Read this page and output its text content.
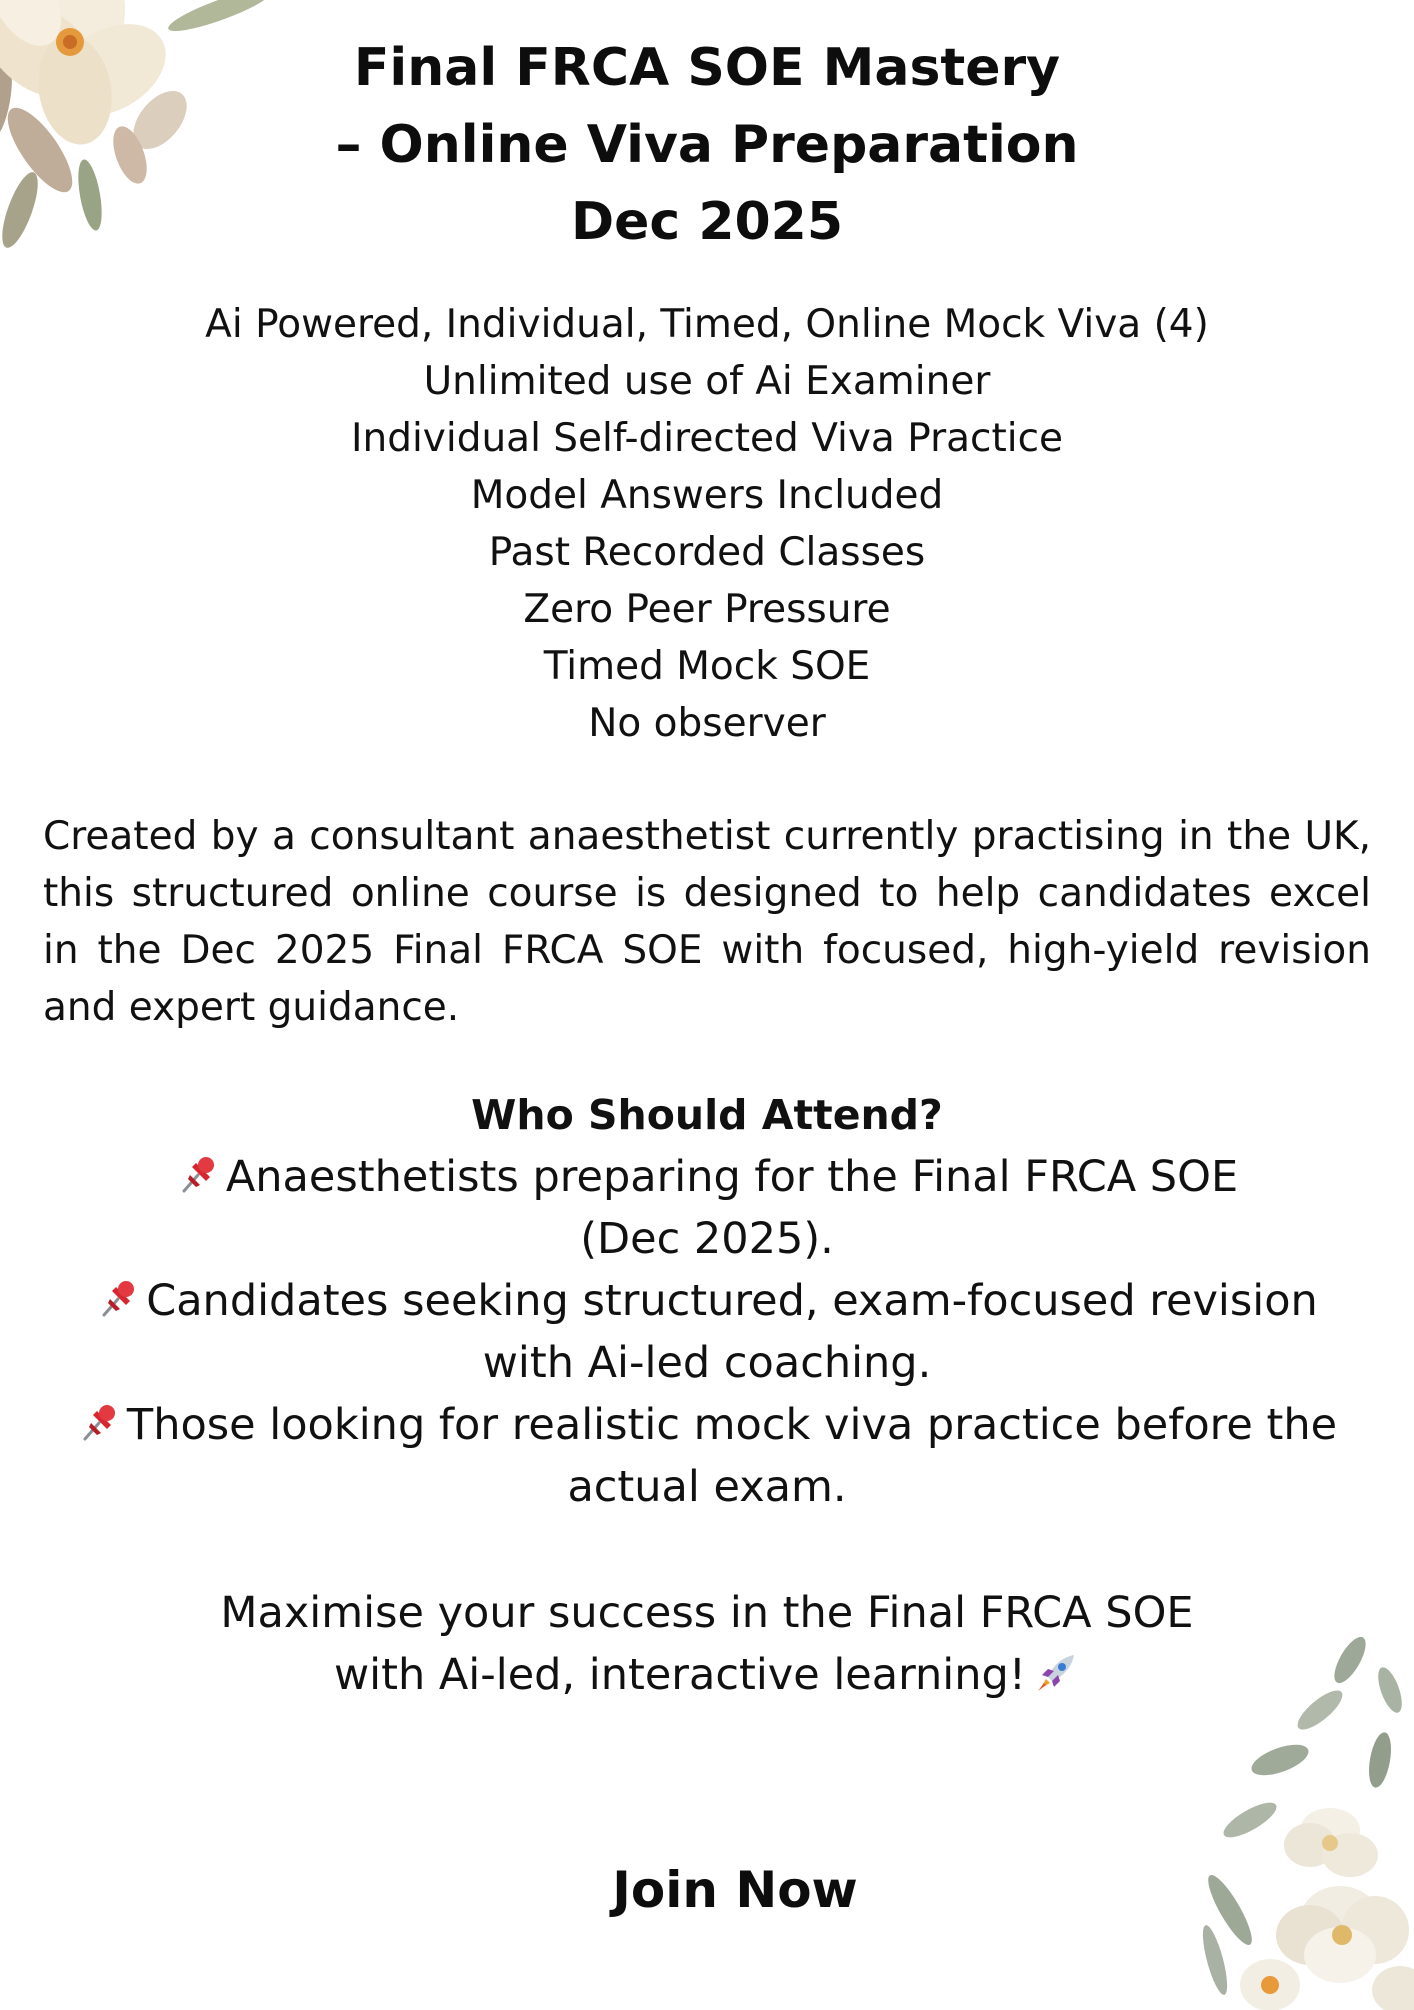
Final FRCA SOE Mastery
– Online Viva Preparation
Dec 2025
Ai Powered, Individual, Timed, Online Mock Viva (4)
Unlimited use of Ai Examiner
Individual Self-directed Viva Practice
Model Answers Included
Past Recorded Classes
Zero Peer Pressure
Timed Mock SOE
No observer
Created by a consultant anaesthetist currently practising in the UK, this structured online course is designed to help candidates excel in the Dec 2025 Final FRCA SOE with focused, high-yield revision and expert guidance.
Who Should Attend?
Anaesthetists preparing for the Final FRCA SOE
(Dec 2025).
Candidates seeking structured, exam-focused revision
with Ai-led coaching.
Those looking for realistic mock viva practice before the
actual exam.
Maximise your success in the Final FRCA SOE
with Ai-led, interactive learning!
Join Now
